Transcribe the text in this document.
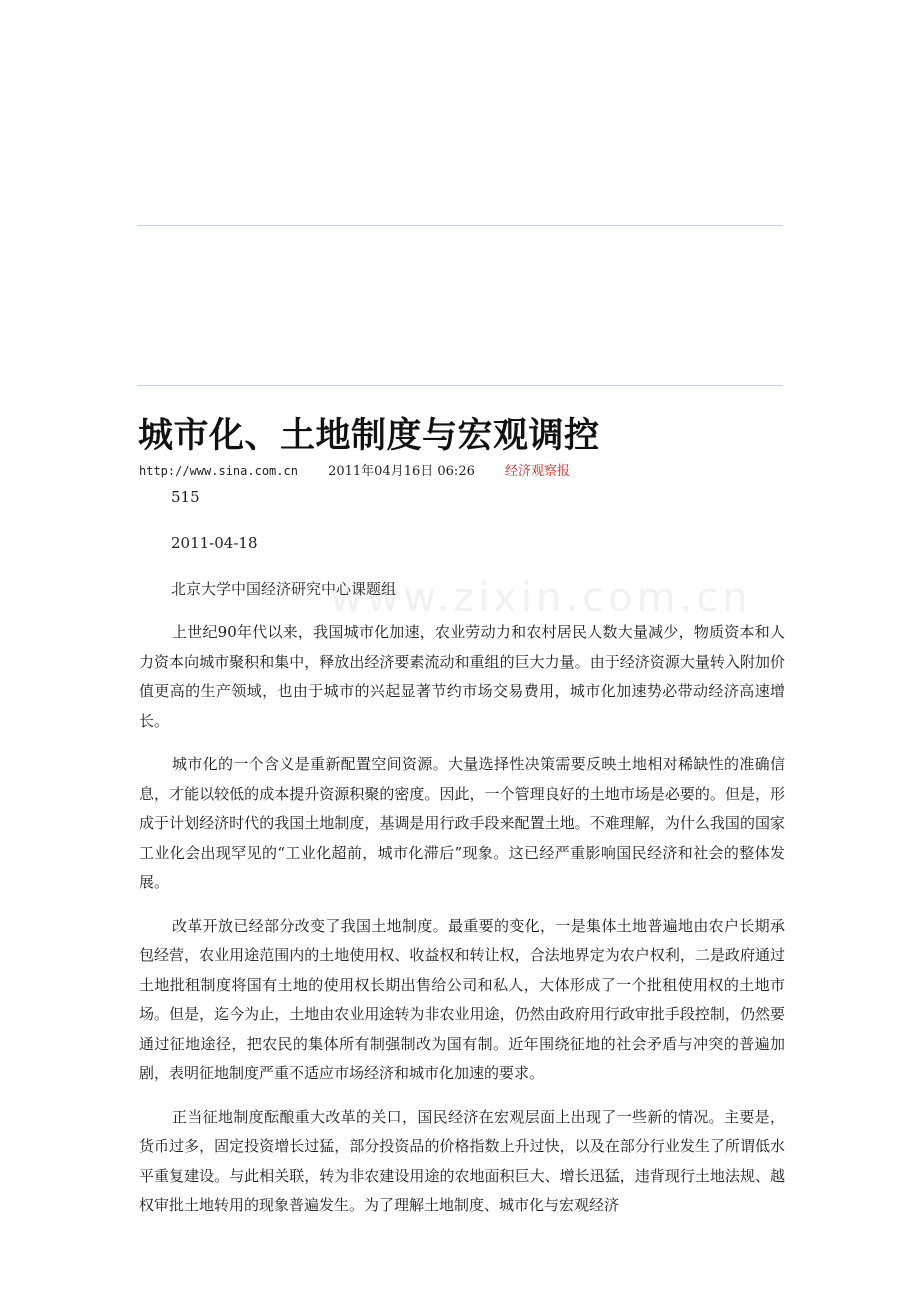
www.zixin.com.cn
城市化、土地制度与宏观调控
http://www.sina.com.cn 2011年04月16日 06:26 经济观察报
515
2011-04-18
北京大学中国经济研究中心课题组

上世纪90年代以来，我国城市化加速，农业劳动力和农村居民人数大量减少，物质资本和人力资本向城市聚积和集中，释放出经济要素流动和重组的巨大力量。由于经济资源大量转入附加价值更高的生产领域，也由于城市的兴起显著节约市场交易费用，城市化加速势必带动经济高速增长。

城市化的一个含义是重新配置空间资源。大量选择性决策需要反映土地相对稀缺性的准确信息，才能以较低的成本提升资源积聚的密度。因此，一个管理良好的土地市场是必要的。但是，形成于计划经济时代的我国土地制度，基调是用行政手段来配置土地。不难理解，为什么我国的国家工业化会出现罕见的“工业化超前，城市化滞后”现象。这已经严重影响国民经济和社会的整体发展。

改革开放已经部分改变了我国土地制度。最重要的变化，一是集体土地普遍地由农户长期承包经营，农业用途范围内的土地使用权、收益权和转让权，合法地界定为农户权利，二是政府通过土地批租制度将国有土地的使用权长期出售给公司和私人，大体形成了一个批租使用权的土地市场。但是，迄今为止，土地由农业用途转为非农业用途，仍然由政府用行政审批手段控制，仍然要通过征地途径，把农民的集体所有制强制改为国有制。近年围绕征地的社会矛盾与冲突的普遍加剧，表明征地制度严重不适应市场经济和城市化加速的要求。

正当征地制度酝酿重大改革的关口，国民经济在宏观层面上出现了一些新的情况。主要是，货币过多，固定投资增长过猛，部分投资品的价格指数上升过快，以及在部分行业发生了所谓低水平重复建设。与此相关联，转为非农建设用途的农地面积巨大、增长迅猛，违背现行土地法规、越权审批土地转用的现象普遍发生。为了理解土地制度、城市化与宏观经济
